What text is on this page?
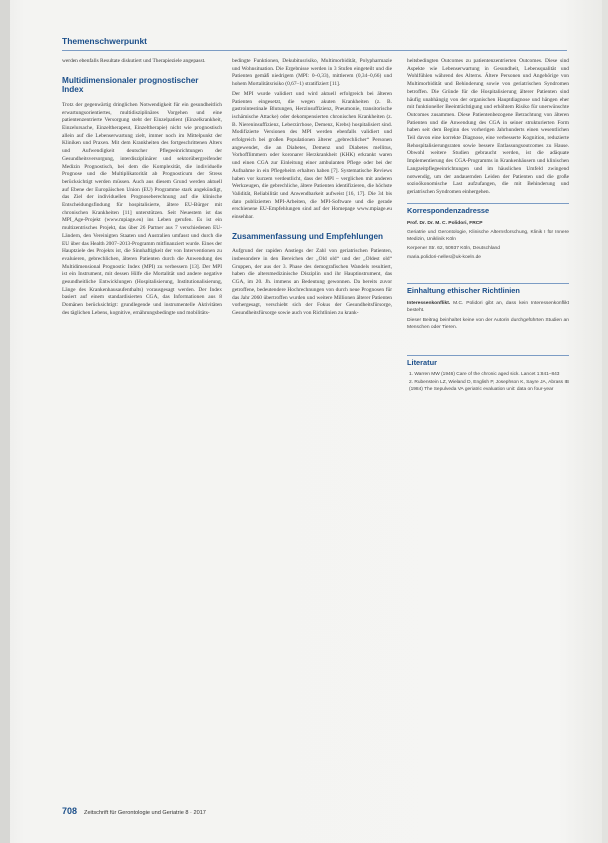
Themenschwerpunkt

werden ebenfalls Resultate diskutiert und Therapieziele angepasst.

Multidimensionaler prognostischer Index

Trotz der gegenwärtig dringlichen Notwendigkeit für ein gesundheitlich erwartungsorientiertes, multidisziplinäres Vorgehen und eine patientenzentrierte Versorgung steht der Einzelpatient (Einzelkrankheit, Einzelursache, Einzeltherapeut, Einzeltherapie) nicht wie prognostisch allein auf die Lebenserwartung zielt, immer noch im Mittelpunkt der Kliniken und Praxen. Mit dem Krankheiten des fortgeschrittenen Alters und Aufwendigkeit deutscher Pflegeeinrichtungen der Gesundheitsversorgung, interdisziplinärer und sektorübergreifender Medizin Prognostisch, bei dem die Komplexität, die individuelle Prognose und die Multiplikatorität ab Prognosticum der Stress berücksichtigt werden müssen. Auch aus diesem Grund werden aktuell auf Ebene der Europäischen Union (EU) Programme stark angekündigt, das Ziel der individuellen Prognoseberechnung auf die klinische Entscheidungsfindung für hospitalisierte, ältere EU-Bürger mit chronischen Krankheiten [11] unterstützen. Seit Neuestem ist das MPI_Age-Projekt (www.mpiage.eu) ins Leben gerufen. Es ist ein multizentrisches Projekt, das über 26 Partner aus 7 verschiedenen EU-Ländern, den Vereinigten Staaten und Australien umfasst und durch die EU über das Health 2007–2013-Programm mitfinanziert wurde. Eines der Hauptziele des Projekts ist, die Sinnhaftigkeit der von Interventionen zu evaluieren, gebrechlichen, älteren Patienten durch die Anwendung des Multidimensional Prognostic Index (MPI) zu verbessern [13]. Der MPI ist ein Instrument, mit dessen Hilfe die Mortalität und andere negative gesundheitliche Entwicklungen (Hospitalisierung, Institutionalisierung, Länge des Krankenhausaufenthalts) vorausgesagt werden. Der Index basiert auf einem standardisierten CGA, das Informationen aus 8 Domänen berücksichtigt: grundlegende und instrumentelle Aktivitäten des täglichen Lebens, kognitive, ernährungsbedingte und mobilitäts-

bedingte Funktionen, Dekubitusrisiko, Multimorbidität, Polypharmazie und Wohnsituation. Die Ergebnisse werden in 3 Stufen eingeteilt und die Patienten gemäß niedrigem (MPI: 0–0,33), mittlerem (0,34–0,66) und hohem Mortalitätsrisiko (0,67–1) stratifiziert [11].

Der MPI wurde validiert und wird aktuell erfolgreich bei älteren Patienten eingesetzt, die wegen akuten Krankheiten (z. B. gastrointestinale Blutungen, Herzinsuffizienz, Pneumonie, transitorische ischämische Attacke) oder dekompensierten chronischen Krankheiten (z. B. Niereninsuffizienz, Leberzirrhose, Demenz, Krebs) hospitalisiert sind. Modifizierte Versionen des MPI werden ebenfalls validiert und erfolgreich bei großen Populationen älterer „gebrechlicher“ Personen angewendet, die an Diabetes, Demenz und Diabetes mellitus, Vorhofflimmern oder koronarer Herzkrankheit (KHK) erkrankt waren und einen CGA zur Einleitung einer ambulanten Pflege oder bei der Aufnahme in ein Pflegeheim erhalten haben [7]. Systematische Reviews haben vor kurzem verdeutlicht, dass der MPI – verglichen mit anderen Werkzeugen, die gebrechliche, ältere Patienten identifizieren, die höchste Validität, Reliabilität und Anwendbarkeit aufweist [16, 17]. Die 34 bis dato publizierten MPI-Arbeiten, die MPI-Software und die gerade erschienene EU-Empfehlungen sind auf der Homepage www.mpiage.eu einsehbar.

Zusammenfassung und Empfehlungen

Aufgrund der rapiden Anstiegs der Zahl von geriatrischen Patienten, insbesondere in den Bereichen der „Old old“ und der „Oldest old“ Gruppen, der aus der 3. Phase des demografischen Wandels resultiert, haben die altersmedizinische Disziplin und ihr Hauptinstrument, das CGA, im 20. Jh. immens an Bedeutung gewonnen. Da bereits zuvor getroffene, bedeutendere Hochrechnungen von durch neue Prognosen für das Jahr 2060 übertroffen wurden und weitere Millionen älterer Patienten vorhergesagt, verschiebt sich der Fokus der Gesundheitsfürsorge, Gesundheitsfürsorge sowie auch von Richtlinien zu krank-

heitsbedingten Outcomes zu patientenzentrierten Outcomes. Diese sind Aspekte wie Lebenserwartung in Gesundheit, Lebensqualität und Wohlfühlen während des Alterns. Ältere Personen und Angehörige von Multimorbidität und Behinderung sowie von geriatrischen Syndromen betroffen. Die Gründe für die Hospitalisierung älterer Patienten sind häufig unabhängig von der organischen Hauptdiagnose und hängen eher mit funktioneller Beeinträchtigung und erhöhtem Risiko für unerwünschte Outcomes zusammen. Diese Patientenbezogene Betrachtung von älteren Patienten und die Anwendung des CGA in seiner strukturierten Form haben seit dem Beginn des vorherigen Jahrhunderts einen wesentlichen Teil davon eine korrekte Diagnose, eine verbesserte Kognition, reduzierte Rehospitalisierungsraten sowie bessere Entlassungsoutcomes zu Hause. Obwohl weitere Studien gebraucht werden, ist die adäquate Implementierung des CGA-Programms in Krankenhäusern und klinischen Langzeitpflegeeinrichtungen und im häuslichen Umfeld zwingend notwendig, um der andauernden Leiden der Patienten und die große sozioökonomische Last aufzufangen, die mit Behinderung und geriatrischen Syndromen einhergehen.

Korrespondenzadresse

Prof. Dr. Dr. M. C. Polidori, FRCP

Geriatrie und Gerontologie, Klinische Alternsforschung, Klinik I für Innere Medizin, Uniklinik Köln

Kerpener Str. 62, 50937 Köln, Deutschland

maria.polidori-nelles@uk-koeln.de

Einhaltung ethischer Richtlinien

Interessenkonflikt. M.C. Polidori gibt an, dass kein Interessenkonflikt besteht.

Dieser Beitrag beinhaltet keine von der Autorin durchgeführten Studien an Menschen oder Tieren.

Literatur
1. Warren MW (1946) Care of the chronic aged sick. Lancet 1:841–843
2. Rubenstein LZ, Wieland D, English P, Josephson K, Sayre JA, Abrass IB (1984) The Sepulveda VA geriatric evaluation unit: data on four-year
708 Zeitschrift für Gerontologie und Geriatrie 8 · 2017
